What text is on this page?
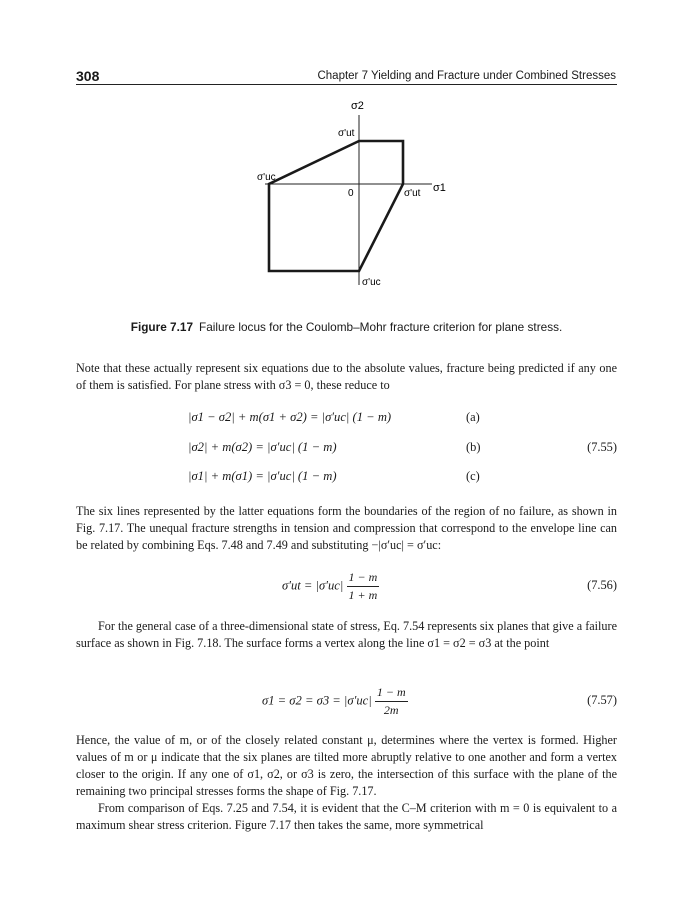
308	Chapter 7 Yielding and Fracture under Combined Stresses
σ2
σ'ut
σ'uc
0	σ'ut σ1
σ'uc
Figure 7.17 Failure locus for the Coulomb–Mohr fracture criterion for plane stress.

Note that these actually represent six equations due to the absolute values, fracture being predicted if any one of them is satisfied. For plane stress with σ3 = 0, these reduce to

|σ1 − σ2| + m(σ1 + σ2) = |σ′uc| (1 − m)	(a)
|σ2| + m(σ2) = |σ′uc| (1 − m)	(b)	(7.55)
|σ1| + m(σ1) = |σ′uc| (1 − m)	(c)

The six lines represented by the latter equations form the boundaries of the region of no failure, as shown in Fig. 7.17. The unequal fracture strengths in tension and compression that correspond to the envelope line can be related by combining Eqs. 7.48 and 7.49 and substituting −|σ′uc| = σ′uc:

$\sigma'ut = |\sigma'uc| \frac{1 - m}{1 + m}$	(7.56)

For the general case of a three-dimensional state of stress, Eq. 7.54 represents six planes that give a failure surface as shown in Fig. 7.18. The surface forms a vertex along the line σ1 = σ2 = σ3 at the point

$\sigma 1 = \sigma 2 = \sigma 3 = |\sigma'uc| \frac{1 - m}{2m}$	(7.57)

Hence, the value of m, or of the closely related constant μ, determines where the vertex is formed. Higher values of m or μ indicate that the six planes are tilted more abruptly relative to one another and form a vertex closer to the origin. If any one of σ1, σ2, or σ3 is zero, the intersection of this surface with the plane of the remaining two principal stresses forms the shape of Fig. 7.17.

From comparison of Eqs. 7.25 and 7.54, it is evident that the C–M criterion with m = 0 is equivalent to a maximum shear stress criterion. Figure 7.17 then takes the same, more symmetrical
